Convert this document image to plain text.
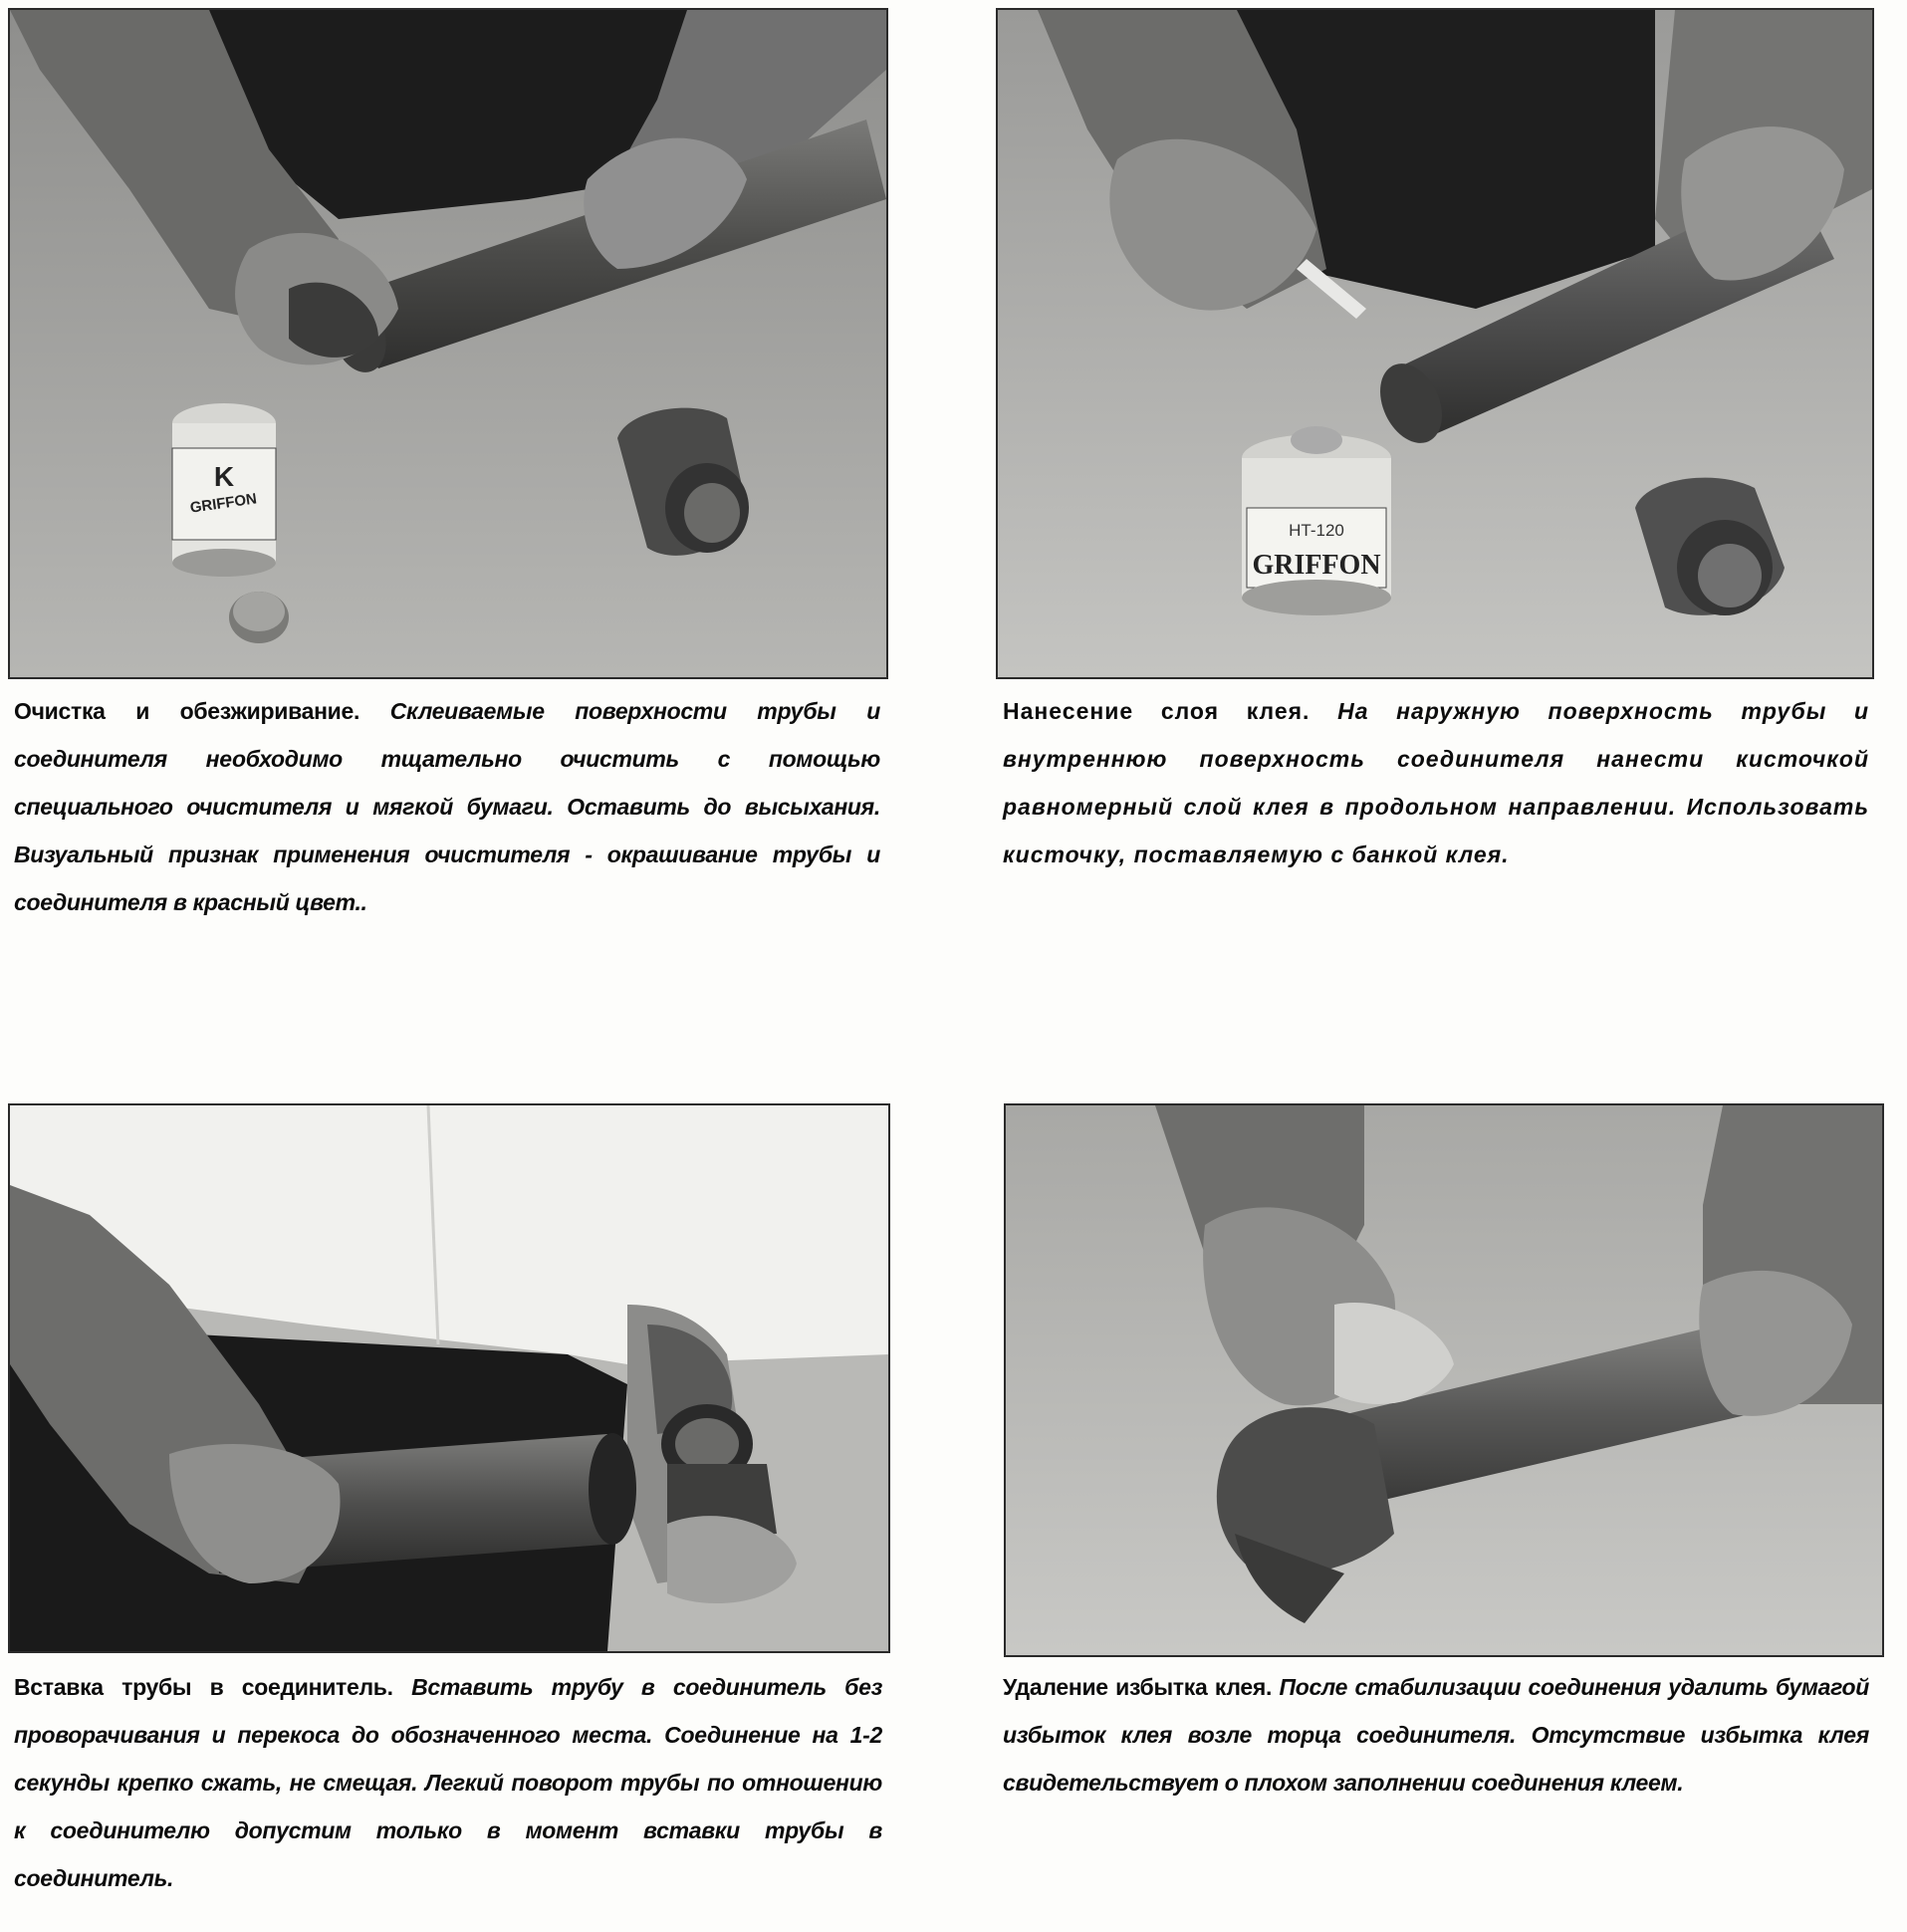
GRIFFON
K
Очистка и обезжиривание. Склеиваемые поверхности трубы и соединителя необходимо тщательно очистить с помощью специального очистителя и мягкой бумаги. Оставить до высыхания. Визуальный признак применения очистителя - окрашивание трубы и соединителя в красный цвет..
HT-120
GRIFFON
Нанесение слоя клея. На наружную поверхность трубы и внутреннюю поверхность соединителя нанести кисточкой равномерный слой клея в продольном направлении. Использовать кисточку, поставляемую с банкой клея.
Вставка трубы в соединитель. Вставить трубу в соединитель без проворачивания и перекоса до обозначенного места. Соединение на 1-2 секунды крепко сжать, не смещая. Легкий поворот трубы по отношению к соединителю допустим только в момент вставки трубы в соединитель.
Удаление избытка клея. После стабилизации соединения удалить бумагой избыток клея возле торца соединителя. Отсутствие избытка клея свидетельствует о плохом заполнении соединения клеем.
